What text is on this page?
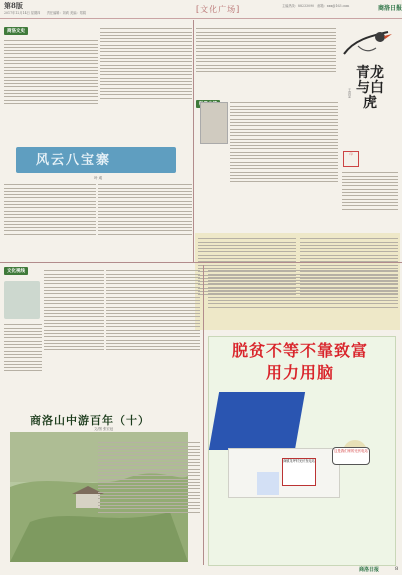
第8版
2017年12月14日 星期四　　责任编辑：刘莉 美编：郑娟	[文化广场]	主编热线：88233090　邮箱：xxx@163.com	商洛日报
商洛文史
文化视线
风云八宝寨
叶 成
青龙与白虎
王高显
印
商洛山中游百年（十）
文/图 张宏冠
脱贫不等不靠致富用力用脑
商镇龙坪村光伏发电站
这是我们家的光伏电站
商洛日报	8
